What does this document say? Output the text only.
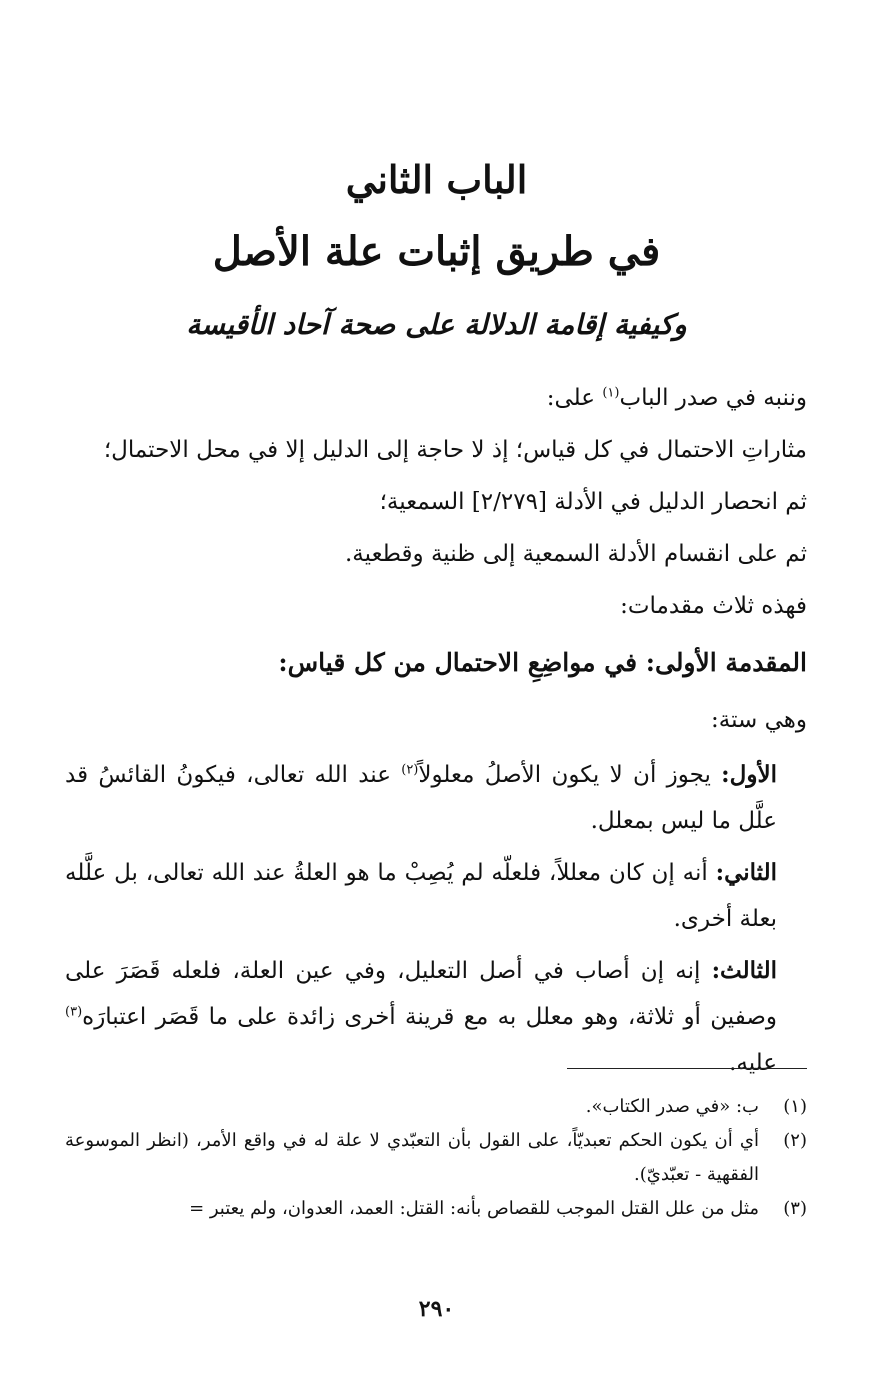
الباب الثاني
في طريق إثبات علة الأصل
وكيفية إقامة الدلالة على صحة آحاد الأقيسة

وننبه في صدر الباب$^{(١)}$ على:

مثاراتِ الاحتمال في كل قياس؛ إذ لا حاجة إلى الدليل إلا في محل الاحتمال؛

ثم انحصار الدليل في الأدلة [٢/٢٧٩] السمعية؛

ثم على انقسام الأدلة السمعية إلى ظنية وقطعية.

فهذه ثلاث مقدمات:

المقدمة الأولى: في مواضِعِ الاحتمال من كل قياس:

وهي ستة:

الأول: يجوز أن لا يكون الأصلُ معلولاً$^{(٢)}$ عند الله تعالى، فيكونُ القائسُ قد علَّل ما ليس بمعلل.

الثاني: أنه إن كان معللاً، فلعلّه لم يُصِبْ ما هو العلةُ عند الله تعالى، بل علَّله بعلة أخرى.

الثالث: إنه إن أصاب في أصل التعليل، وفي عين العلة، فلعله قَصَرَ على وصفين أو ثلاثة، وهو معلل به مع قرينة أخرى زائدة على ما قَصَر اعتبارَه$^{(٣)}$ عليه.

(١)
ب: «في صدر الكتاب».
(٢)
أي أن يكون الحكم تعبديّاً، على القول بأن التعبّدي لا علة له في واقع الأمر، (انظر الموسوعة الفقهية - تعبّديّ).
(٣)
مثل من علل القتل الموجب للقصاص بأنه: القتل: العمد، العدوان، ولم يعتبر =
٢٩٠
